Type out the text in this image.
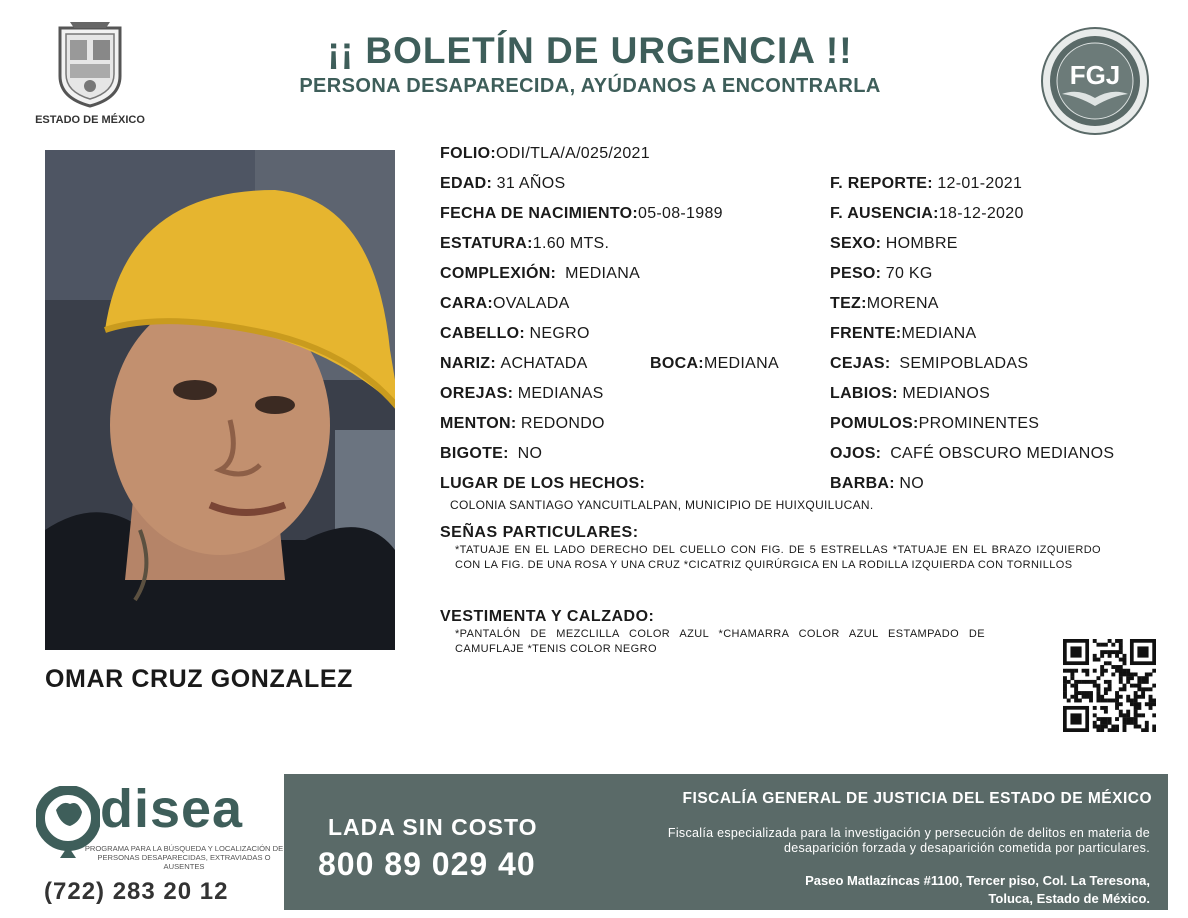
ESTADO DE MÉXICO
¡¡ BOLETÍN DE URGENCIA !!
PERSONA DESAPARECIDA, AYÚDANOS A ENCONTRARLA	FGJ
OMAR CRUZ GONZALEZ
FOLIO:ODI/TLA/A/025/2021
EDAD: 31 AÑOS	F. REPORTE: 12-01-2021
FECHA DE NACIMIENTO:05-08-1989	F. AUSENCIA:18-12-2020
ESTATURA:1.60 MTS.	SEXO: HOMBRE
COMPLEXIÓN: MEDIANA	PESO: 70 KG
CARA:OVALADA	TEZ:MORENA
CABELLO: NEGRO	FRENTE:MEDIANA
NARIZ: ACHATADA	BOCA:MEDIANA	CEJAS: SEMIPOBLADAS
OREJAS: MEDIANAS	LABIOS: MEDIANOS
MENTON: REDONDO	POMULOS:PROMINENTES
BIGOTE: NO	OJOS: CAFÉ OBSCURO MEDIANOS
LUGAR DE LOS HECHOS:	BARBA: NO
COLONIA SANTIAGO YANCUITLALPAN, MUNICIPIO DE HUIXQUILUCAN.
SEÑAS PARTICULARES:
*TATUAJE EN EL LADO DERECHO DEL CUELLO CON FIG. DE 5 ESTRELLAS *TATUAJE EN EL BRAZO IZQUIERDO CON LA FIG. DE UNA ROSA Y UNA CRUZ *CICATRIZ QUIRÚRGICA EN LA RODILLA IZQUIERDA CON TORNILLOS
VESTIMENTA Y CALZADO:
*PANTALÓN DE MEZCLILLA COLOR AZUL *CHAMARRA COLOR AZUL ESTAMPADO DE CAMUFLAJE *TENIS COLOR NEGRO
disea
PROGRAMA PARA LA BÚSQUEDA Y LOCALIZACIÓN DE PERSONAS DESAPARECIDAS, EXTRAVIADAS O AUSENTES
(722) 283 20 12
LADA SIN COSTO
800 89 029 40
FISCALÍA GENERAL DE JUSTICIA DEL ESTADO DE MÉXICO
Fiscalía especializada para la investigación y persecución de delitos en materia de desaparición forzada y desaparición cometida por particulares.
Paseo Matlazíncas #1100, Tercer piso, Col. La Teresona,
Toluca, Estado de México.
